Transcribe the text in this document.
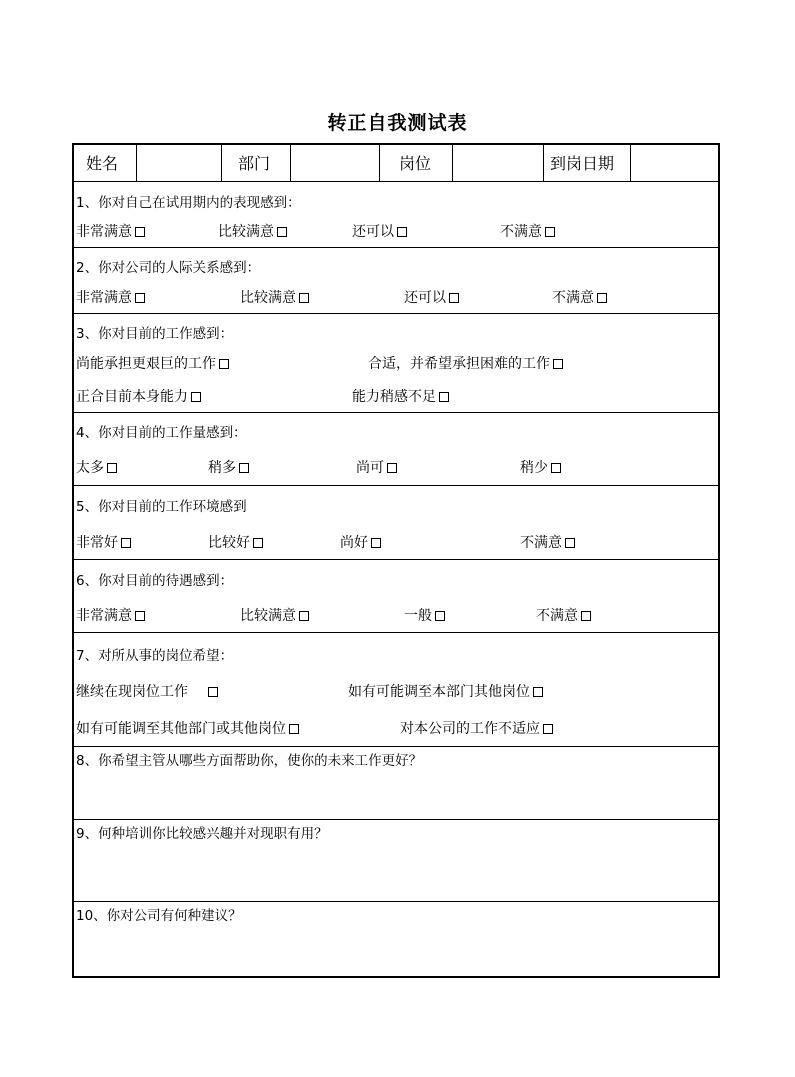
转正自我测试表
姓名	部门	岗位	到岗日期
1、你对自己在试用期内的表现感到：
非常满意	比较满意	还可以	不满意
2、你对公司的人际关系感到：
非常满意	比较满意	还可以	不满意
3、你对目前的工作感到：
尚能承担更艰巨的工作	合适，并希望承担困难的工作
正合目前本身能力	能力稍感不足
4、你对目前的工作量感到：
太多	稍多	尚可	稍少
5、你对目前的工作环境感到
非常好	比较好	尚好	不满意
6、你对目前的待遇感到：
非常满意	比较满意	一般	不满意
7、对所从事的岗位希望：
继续在现岗位工作	如有可能调至本部门其他岗位
如有可能调至其他部门或其他岗位	对本公司的工作不适应
8、你希望主管从哪些方面帮助你，使你的未来工作更好？
9、何种培训你比较感兴趣并对现职有用？
10、你对公司有何种建议？
